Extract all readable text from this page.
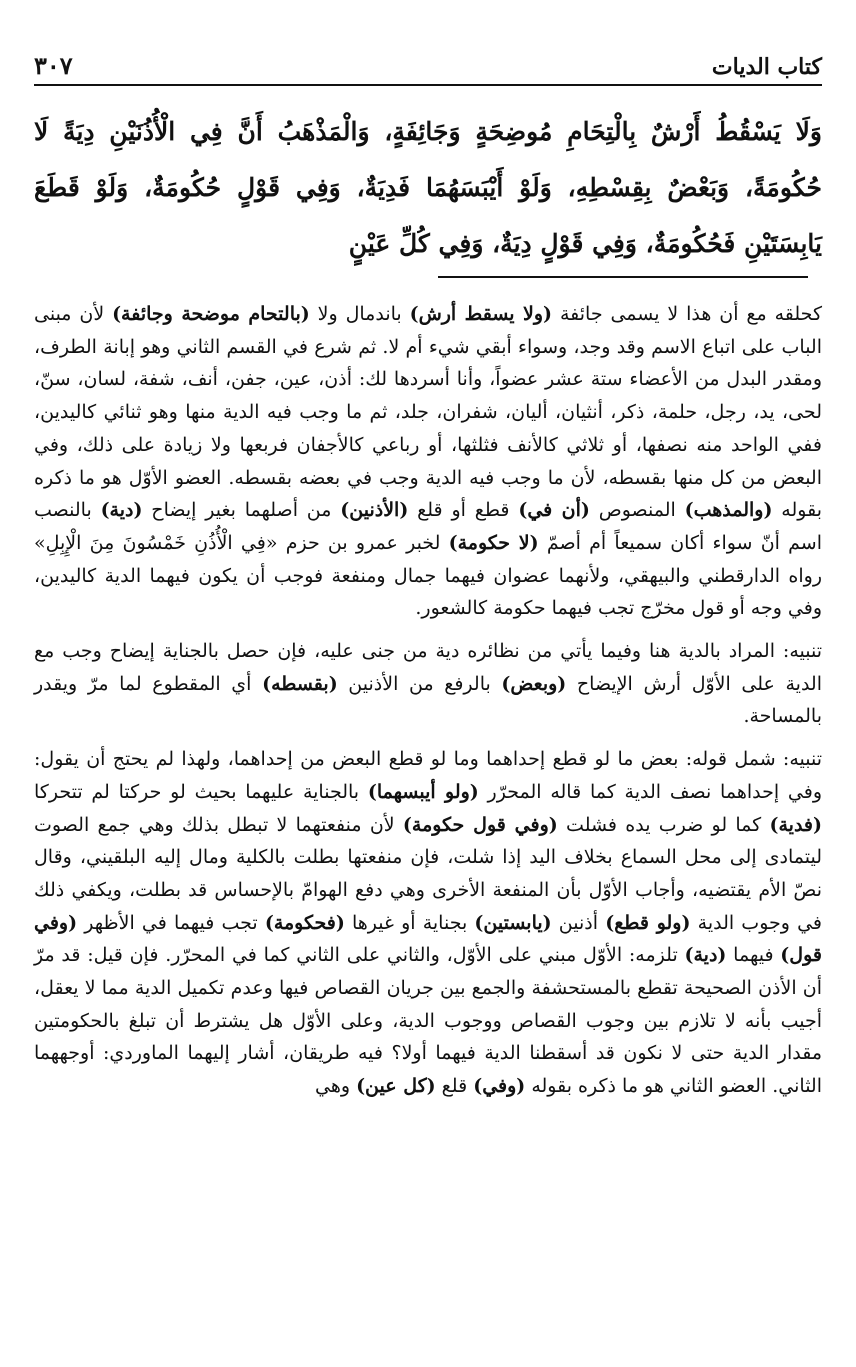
كتاب الديات
٣٠٧
وَلَا يَسْقُطُ أَرْشٌ بِالْتِحَامِ مُوضِحَةٍ وَجَائِفَةٍ، وَالْمَذْهَبُ أَنَّ فِي الْأُذُنَيْنِ دِيَةً لَا حُكُومَةً، وَبَعْضٌ بِقِسْطِهِ، وَلَوْ أَيْبَسَهُمَا فَدِيَةٌ، وَفِي قَوْلٍ حُكُومَةٌ، وَلَوْ قَطَعَ يَابِسَتَيْنِ فَحُكُومَةٌ، وَفِي قَوْلٍ دِيَةٌ، وَفِي كُلِّ عَيْنٍ

كحلقه مع أن هذا لا يسمى جائفة (ولا يسقط أرش) باندمال ولا (بالتحام موضحة وجائفة) لأن مبنى الباب على اتباع الاسم وقد وجد، وسواء أبقي شيء أم لا. ثم شرع في القسم الثاني وهو إبانة الطرف، ومقدر البدل من الأعضاء ستة عشر عضواً، وأنا أسردها لك: أذن، عين، جفن، أنف، شفة، لسان، سنّ، لحى، يد، رجل، حلمة، ذكر، أنثيان، أليان، شفران، جلد، ثم ما وجب فيه الدية منها وهو ثنائي كاليدين، ففي الواحد منه نصفها، أو ثلاثي كالأنف فثلثها، أو رباعي كالأجفان فربعها ولا زيادة على ذلك، وفي البعض من كل منها بقسطه، لأن ما وجب فيه الدية وجب في بعضه بقسطه. العضو الأوّل هو ما ذكره بقوله (والمذهب) المنصوص (أن في) قطع أو قلع (الأذنين) من أصلهما بغير إيضاح (دية) بالنصب اسم أنّ سواء أكان سميعاً أم أصمّ (لا حكومة) لخبر عمرو بن حزم «فِي الْأُذُنِ خَمْسُونَ مِنَ الْإِبِلِ» رواه الدارقطني والبيهقي، ولأنهما عضوان فيهما جمال ومنفعة فوجب أن يكون فيهما الدية كاليدين، وفي وجه أو قول مخرّج تجب فيهما حكومة كالشعور.

تنبيه: المراد بالدية هنا وفيما يأتي من نظائره دية من جنى عليه، فإن حصل بالجناية إيضاح وجب مع الدية على الأوّل أرش الإيضاح (وبعض) بالرفع من الأذنين (بقسطه) أي المقطوع لما مرّ ويقدر بالمساحة.

تنبيه: شمل قوله: بعض ما لو قطع إحداهما وما لو قطع البعض من إحداهما، ولهذا لم يحتج أن يقول: وفي إحداهما نصف الدية كما قاله المحرّر (ولو أيبسهما) بالجناية عليهما بحيث لو حركتا لم تتحركا (فدية) كما لو ضرب يده فشلت (وفي قول حكومة) لأن منفعتهما لا تبطل بذلك وهي جمع الصوت ليتمادى إلى محل السماع بخلاف اليد إذا شلت، فإن منفعتها بطلت بالكلية ومال إليه البلقيني، وقال نصّ الأم يقتضيه، وأجاب الأوّل بأن المنفعة الأخرى وهي دفع الهوامّ بالإحساس قد بطلت، ويكفي ذلك في وجوب الدية (ولو قطع) أذنين (يابستين) بجناية أو غيرها (فحكومة) تجب فيهما في الأظهر (وفي قول) فيهما (دية) تلزمه: الأوّل مبني على الأوّل، والثاني على الثاني كما في المحرّر. فإن قيل: قد مرّ أن الأذن الصحيحة تقطع بالمستحشفة والجمع بين جريان القصاص فيها وعدم تكميل الدية مما لا يعقل، أجيب بأنه لا تلازم بين وجوب القصاص ووجوب الدية، وعلى الأوّل هل يشترط أن تبلغ بالحكومتين مقدار الدية حتى لا نكون قد أسقطنا الدية فيهما أولا؟ فيه طريقان، أشار إليهما الماوردي: أوجههما الثاني. العضو الثاني هو ما ذكره بقوله (وفي) قلع (كل عين) وهي
